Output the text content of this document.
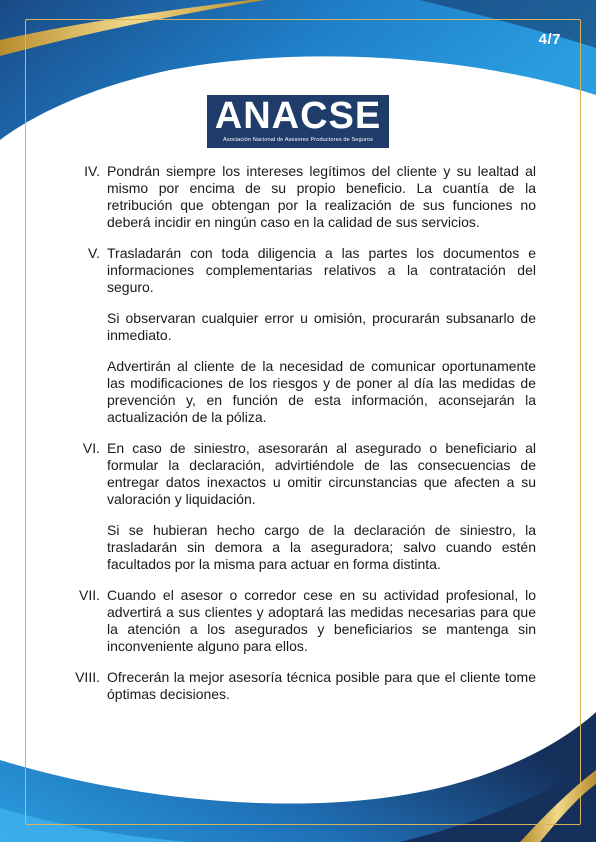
4/7
ANACSE
Asociación Nacional de Asesores Productores de Seguros
IV. Pondrán siempre los intereses legítimos del cliente y su lealtad al mismo por encima de su propio beneficio. La cuantía de la retribución que obtengan por la realización de sus funciones no deberá incidir en ningún caso en la calidad de sus servicios.

V. Trasladarán con toda diligencia a las partes los documentos e informaciones complementarias relativos a la contratación del seguro.

Si observaran cualquier error u omisión, procurarán subsanarlo de inmediato.

Advertirán al cliente de la necesidad de comunicar oportunamente las modificaciones de los riesgos y de poner al día las medidas de prevención y, en función de esta información, aconsejarán la actualización de la póliza.

VI. En caso de siniestro, asesorarán al asegurado o beneficiario al formular la declaración, advirtiéndole de las consecuencias de entregar datos inexactos u omitir circunstancias que afecten a su valoración y liquidación.

Si se hubieran hecho cargo de la declaración de siniestro, la trasladarán sin demora a la aseguradora; salvo cuando estén facultados por la misma para actuar en forma distinta.

VII. Cuando el asesor o corredor cese en su actividad profesional, lo advertirá a sus clientes y adoptará las medidas necesarias para que la atención a los asegurados y beneficiarios se mantenga sin inconveniente alguno para ellos.

VIII. Ofrecerán la mejor asesoría técnica posible para que el cliente tome óptimas decisiones.
